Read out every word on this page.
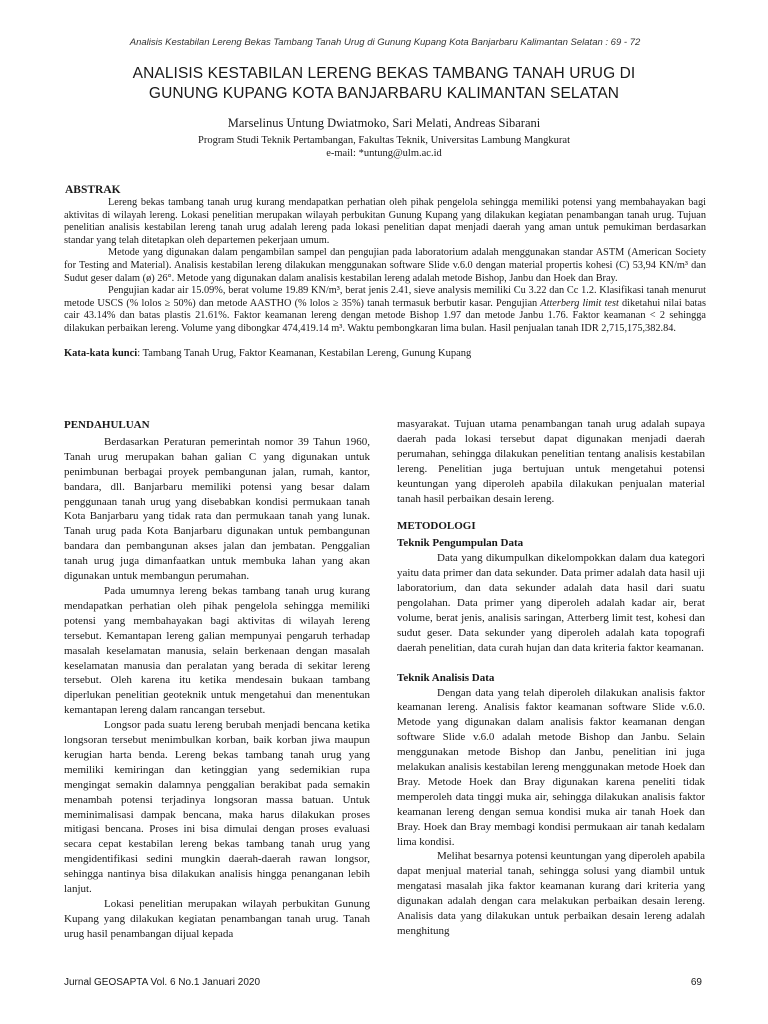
Analisis Kestabilan Lereng Bekas Tambang Tanah Urug di Gunung Kupang Kota Banjarbaru Kalimantan Selatan : 69 - 72
ANALISIS KESTABILAN LERENG BEKAS TAMBANG TANAH URUG DI
GUNUNG KUPANG KOTA BANJARBARU KALIMANTAN SELATAN
Marselinus Untung Dwiatmoko, Sari Melati, Andreas Sibarani
Program Studi Teknik Pertambangan, Fakultas Teknik, Universitas Lambung Mangkurat
e-mail: *untung@ulm.ac.id
ABSTRAK

Lereng bekas tambang tanah urug kurang mendapatkan perhatian oleh pihak pengelola sehingga memiliki potensi yang membahayakan bagi aktivitas di wilayah lereng. Lokasi penelitian merupakan wilayah perbukitan Gunung Kupang yang dilakukan kegiatan penambangan tanah urug. Tujuan penelitian analisis kestabilan lereng tanah urug adalah lereng pada lokasi penelitian dapat menjadi daerah yang aman untuk pemukiman berdasarkan standar yang telah ditetapkan oleh departemen pekerjaan umum.

Metode yang digunakan dalam pengambilan sampel dan pengujian pada laboratorium adalah menggunakan standar ASTM (American Society for Testing and Material). Analisis kestabilan lereng dilakukan menggunakan software Slide v.6.0 dengan material propertis kohesi (C) 53,94 KN/m³ dan Sudut geser dalam (ø) 26°. Metode yang digunakan dalam analisis kestabilan lereng adalah metode Bishop, Janbu dan Hoek dan Bray.

Pengujian kadar air 15.09%, berat volume 19.89 KN/m³, berat jenis 2.41, sieve analysis memiliki Cu 3.22 dan Cc 1.2. Klasifikasi tanah menurut metode USCS (% lolos ≥ 50%) dan metode AASTHO (% lolos ≥ 35%) tanah termasuk berbutir kasar. Pengujian Atterberg limit test diketahui nilai batas cair 43.14% dan batas plastis 21.61%. Faktor keamanan lereng dengan metode Bishop 1.97 dan metode Janbu 1.76. Faktor keamanan < 2 sehingga dilakukan perbaikan lereng. Volume yang dibongkar 474,419.14 m³. Waktu pembongkaran lima bulan. Hasil penjualan tanah IDR 2,715,175,382.84.

Kata-kata kunci: Tambang Tanah Urug, Faktor Keamanan, Kestabilan Lereng, Gunung Kupang
PENDAHULUAN

Berdasarkan Peraturan pemerintah nomor 39 Tahun 1960, Tanah urug merupakan bahan galian C yang digunakan untuk penimbunan berbagai proyek pembangunan jalan, rumah, kantor, bandara, dll. Banjarbaru memiliki potensi yang besar dalam penggunaan tanah urug yang disebabkan kondisi permukaan tanah Kota Banjarbaru yang tidak rata dan permukaan tanah yang lunak. Tanah urug pada Kota Banjarbaru digunakan untuk pembangunan bandara dan pembangunan akses jalan dan jembatan. Penggalian tanah urug juga dimanfaatkan untuk membuka lahan yang akan digunakan untuk membangun perumahan.

Pada umumnya lereng bekas tambang tanah urug kurang mendapatkan perhatian oleh pihak pengelola sehingga memiliki potensi yang membahayakan bagi aktivitas di wilayah lereng tersebut. Kemantapan lereng galian mempunyai pengaruh terhadap masalah keselamatan manusia, selain berkenaan dengan masalah keselamatan manusia dan peralatan yang berada di sekitar lereng tersebut. Oleh karena itu ketika mendesain bukaan tambang diperlukan penelitian geoteknik untuk mengetahui dan menentukan kemantapan lereng dalam rancangan tersebut.

Longsor pada suatu lereng berubah menjadi bencana ketika longsoran tersebut menimbulkan korban, baik korban jiwa maupun kerugian harta benda. Lereng bekas tambang tanah urug yang memiliki kemiringan dan ketinggian yang sedemikian rupa mengingat semakin dalamnya penggalian berakibat pada semakin menambah potensi terjadinya longsoran massa batuan. Untuk meminimalisasi dampak bencana, maka harus dilakukan proses mitigasi bencana. Proses ini bisa dimulai dengan proses evaluasi secara cepat kestabilan lereng bekas tambang tanah urug yang mengidentifikasi sedini mungkin daerah-daerah rawan longsor, sehingga nantinya bisa dilakukan analisis hingga penanganan lebih lanjut.

Lokasi penelitian merupakan wilayah perbukitan Gunung Kupang yang dilakukan kegiatan penambangan tanah urug. Tanah urug hasil penambangan dijual kepada

masyarakat. Tujuan utama penambangan tanah urug adalah supaya daerah pada lokasi tersebut dapat digunakan menjadi daerah perumahan, sehingga dilakukan penelitian tentang analisis kestabilan lereng. Penelitian juga bertujuan untuk mengetahui potensi keuntungan yang diperoleh apabila dilakukan penjualan material tanah hasil perbaikan desain lereng.

METODOLOGI
Teknik Pengumpulan Data

Data yang dikumpulkan dikelompokkan dalam dua kategori yaitu data primer dan data sekunder. Data primer adalah data hasil uji laboratorium, dan data sekunder adalah data hasil dari suatu pengolahan. Data primer yang diperoleh adalah kadar air, berat volume, berat jenis, analisis saringan, Atterberg limit test, kohesi dan sudut geser. Data sekunder yang diperoleh adalah kata topografi daerah penelitian, data curah hujan dan data kriteria faktor keamanan.

Teknik Analisis Data

Dengan data yang telah diperoleh dilakukan analisis faktor keamanan lereng. Analisis faktor keamanan software Slide v.6.0. Metode yang digunakan dalam analisis faktor keamanan dengan software Slide v.6.0 adalah metode Bishop dan Janbu. Selain menggunakan metode Bishop dan Janbu, penelitian ini juga melakukan analisis kestabilan lereng menggunakan metode Hoek dan Bray. Metode Hoek dan Bray digunakan karena peneliti tidak memperoleh data tinggi muka air, sehingga dilakukan analisis faktor keamanan lereng dengan semua kondisi muka air tanah Hoek dan Bray. Hoek dan Bray membagi kondisi permukaan air tanah kedalam lima kondisi.

Melihat besarnya potensi keuntungan yang diperoleh apabila dapat menjual material tanah, sehingga solusi yang diambil untuk mengatasi masalah jika faktor keamanan kurang dari kriteria yang digunakan adalah dengan cara melakukan perbaikan desain lereng. Analisis data yang dilakukan untuk perbaikan desain lereng adalah menghitung

Jurnal GEOSAPTA Vol. 6 No.1 Januari 2020	69
